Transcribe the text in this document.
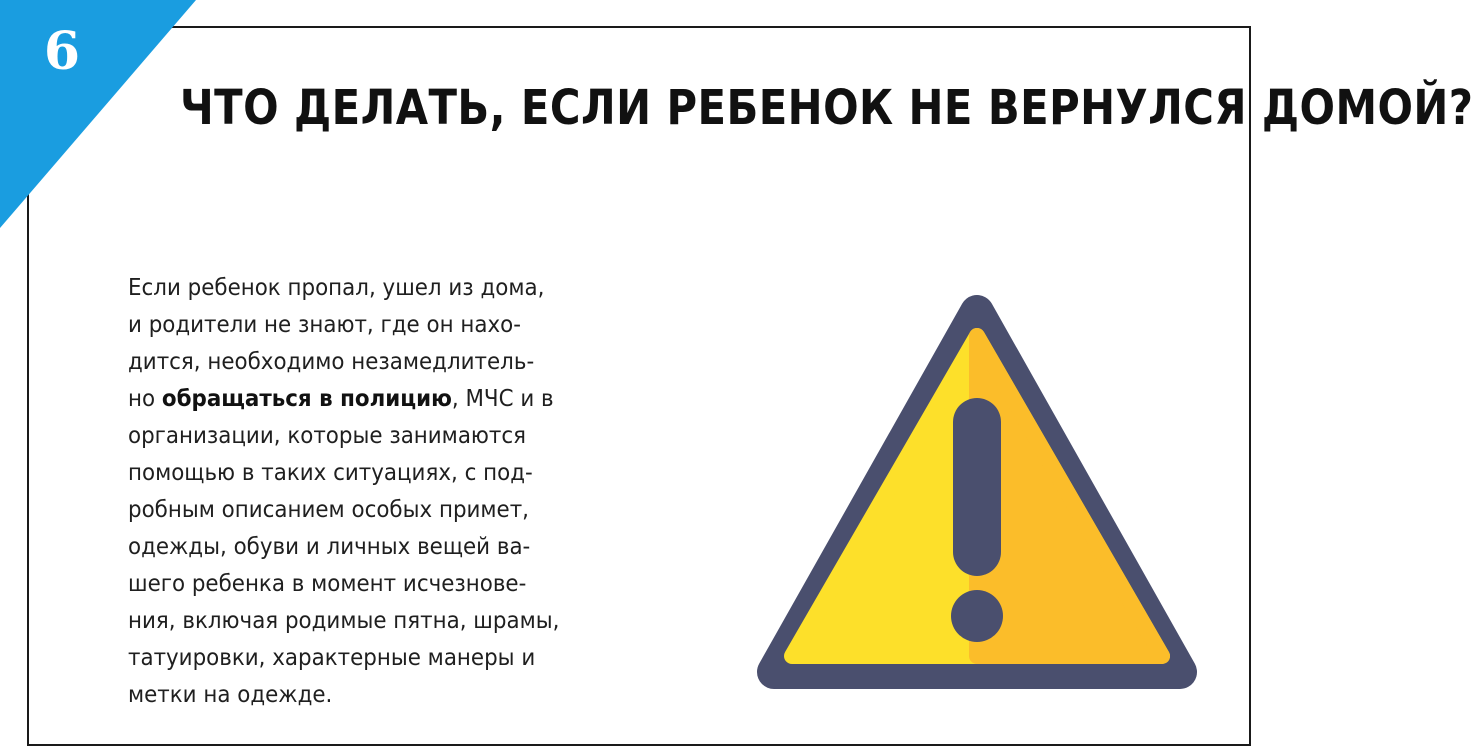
6
ЧТО ДЕЛАТЬ, ЕСЛИ РЕБЕНОК НЕ ВЕРНУЛСЯ ДОМОЙ?
Если ребенок пропал, ушел из дома,
и родители не знают, где он нахо-
дится, необходимо незамедлитель-
но обращаться в полицию, МЧС и в
организации, которые занимаются
помощью в таких ситуациях, с под-
робным описанием особых примет,
одежды, обуви и личных вещей ва-
шего ребенка в момент исчезнове-
ния, включая родимые пятна, шрамы,
татуировки, характерные манеры и
метки на одежде.
